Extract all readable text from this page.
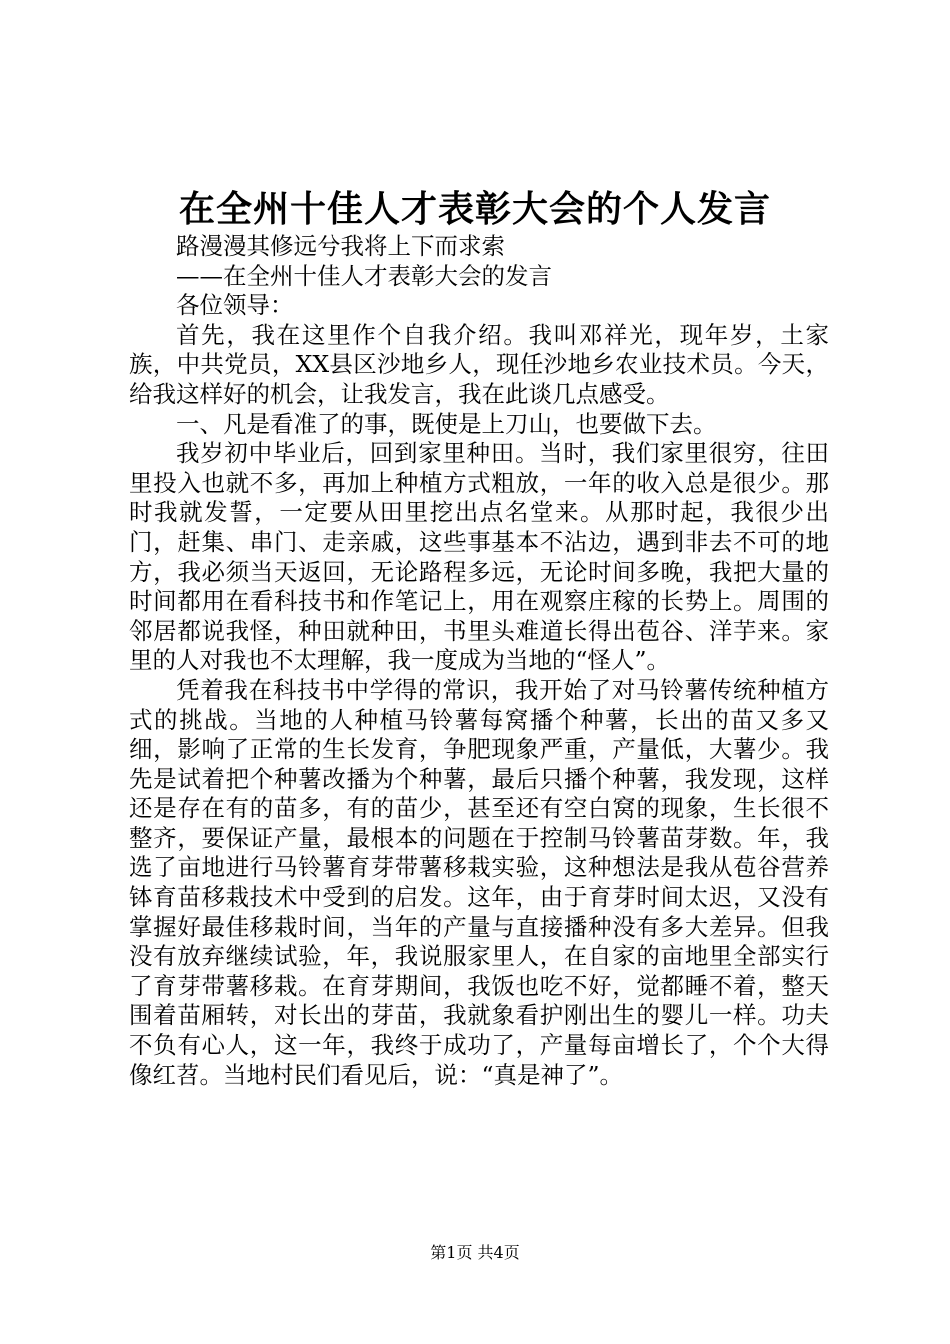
在全州十佳人才表彰大会的个人发言

路漫漫其修远兮我将上下而求索

——在全州十佳人才表彰大会的发言

各位领导：

首先，我在这里作个自我介绍。我叫邓祥光，现年岁，土家族，中共党员，XX县区沙地乡人，现任沙地乡农业技术员。今天，给我这样好的机会，让我发言，我在此谈几点感受。

一、凡是看准了的事，既使是上刀山，也要做下去。

我岁初中毕业后，回到家里种田。当时，我们家里很穷，往田里投入也就不多，再加上种植方式粗放，一年的收入总是很少。那时我就发誓，一定要从田里挖出点名堂来。从那时起，我很少出门，赶集、串门、走亲戚，这些事基本不沾边，遇到非去不可的地方，我必须当天返回，无论路程多远，无论时间多晚，我把大量的时间都用在看科技书和作笔记上，用在观察庄稼的长势上。周围的邻居都说我怪，种田就种田，书里头难道长得出苞谷、洋芋来。家里的人对我也不太理解，我一度成为当地的“怪人”。

凭着我在科技书中学得的常识，我开始了对马铃薯传统种植方式的挑战。当地的人种植马铃薯每窝播个种薯，长出的苗又多又细，影响了正常的生长发育，争肥现象严重，产量低，大薯少。我先是试着把个种薯改播为个种薯，最后只播个种薯，我发现，这样还是存在有的苗多，有的苗少，甚至还有空白窝的现象，生长很不整齐，要保证产量，最根本的问题在于控制马铃薯苗芽数。年，我选了亩地进行马铃薯育芽带薯移栽实验，这种想法是我从苞谷营养钵育苗移栽技术中受到的启发。这年，由于育芽时间太迟，又没有掌握好最佳移栽时间，当年的产量与直接播种没有多大差异。但我没有放弃继续试验，年，我说服家里人，在自家的亩地里全部实行了育芽带薯移栽。在育芽期间，我饭也吃不好，觉都睡不着，整天围着苗厢转，对长出的芽苗，我就象看护刚出生的婴儿一样。功夫不负有心人，这一年，我终于成功了，产量每亩增长了，个个大得像红苕。当地村民们看见后，说：“真是神了”。

第1页 共4页
